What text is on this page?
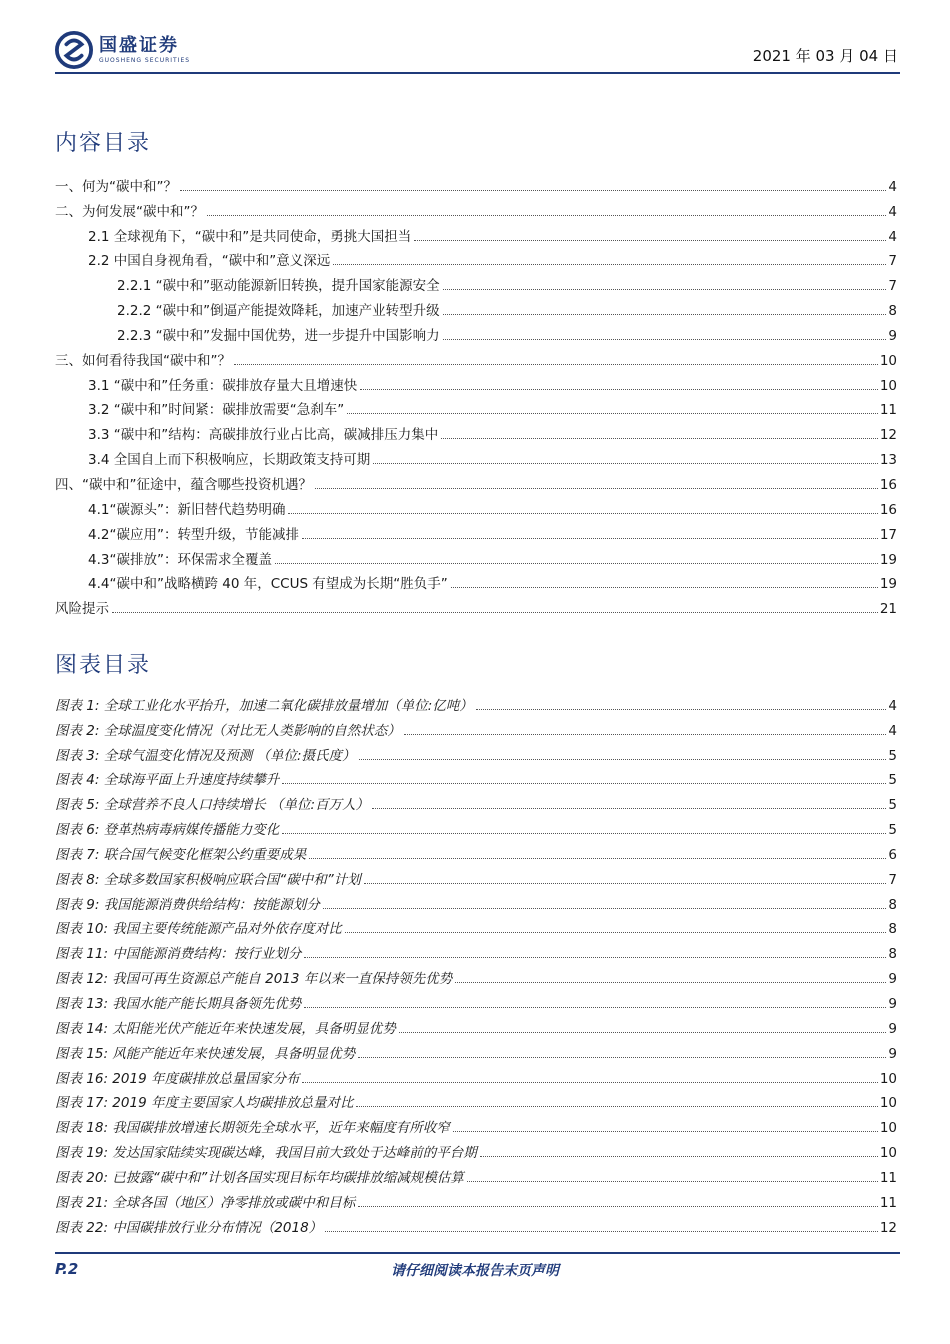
国盛证券
GUOSHENG SECURITIES	2021 年 03 月 04 日
内容目录
一、何为“碳中和”？	4
二、为何发展“碳中和”？	4
2.1 全球视角下，“碳中和”是共同使命，勇挑大国担当	4
2.2 中国自身视角看，“碳中和”意义深远	7
2.2.1 “碳中和”驱动能源新旧转换，提升国家能源安全	7
2.2.2 “碳中和”倒逼产能提效降耗，加速产业转型升级	8
2.2.3 “碳中和”发掘中国优势，进一步提升中国影响力	9
三、如何看待我国“碳中和”？	10
3.1 “碳中和”任务重：碳排放存量大且增速快	10
3.2 “碳中和”时间紧：碳排放需要“急刹车”	11
3.3 “碳中和”结构：高碳排放行业占比高，碳减排压力集中	12
3.4 全国自上而下积极响应，长期政策支持可期	13
四、“碳中和”征途中，蕴含哪些投资机遇？	16
4.1“碳源头”：新旧替代趋势明确	16
4.2“碳应用”：转型升级，节能减排	17
4.3“碳排放”：环保需求全覆盖	19
4.4“碳中和”战略横跨 40 年，CCUS 有望成为长期“胜负手”	19
风险提示	21
图表目录
图表 1: 全球工业化水平抬升，加速二氧化碳排放量增加（单位:亿吨）	4
图表 2: 全球温度变化情况（对比无人类影响的自然状态）	4
图表 3: 全球气温变化情况及预测 （单位:摄氏度）	5
图表 4: 全球海平面上升速度持续攀升	5
图表 5: 全球营养不良人口持续增长 （单位:百万人）	5
图表 6: 登革热病毒病媒传播能力变化	5
图表 7: 联合国气候变化框架公约重要成果	6
图表 8: 全球多数国家积极响应联合国“碳中和”计划	7
图表 9: 我国能源消费供给结构：按能源划分	8
图表 10: 我国主要传统能源产品对外依存度对比	8
图表 11: 中国能源消费结构：按行业划分	8
图表 12: 我国可再生资源总产能自 2013 年以来一直保持领先优势	9
图表 13: 我国水能产能长期具备领先优势	9
图表 14: 太阳能光伏产能近年来快速发展，具备明显优势	9
图表 15: 风能产能近年来快速发展，具备明显优势	9
图表 16: 2019 年度碳排放总量国家分布	10
图表 17: 2019 年度主要国家人均碳排放总量对比	10
图表 18: 我国碳排放增速长期领先全球水平，近年来幅度有所收窄	10
图表 19: 发达国家陆续实现碳达峰，我国目前大致处于达峰前的平台期	10
图表 20: 已披露“碳中和”计划各国实现目标年均碳排放缩减规模估算	11
图表 21: 全球各国（地区）净零排放或碳中和目标	11
图表 22: 中国碳排放行业分布情况（2018）	12
P.2	请仔细阅读本报告末页声明
